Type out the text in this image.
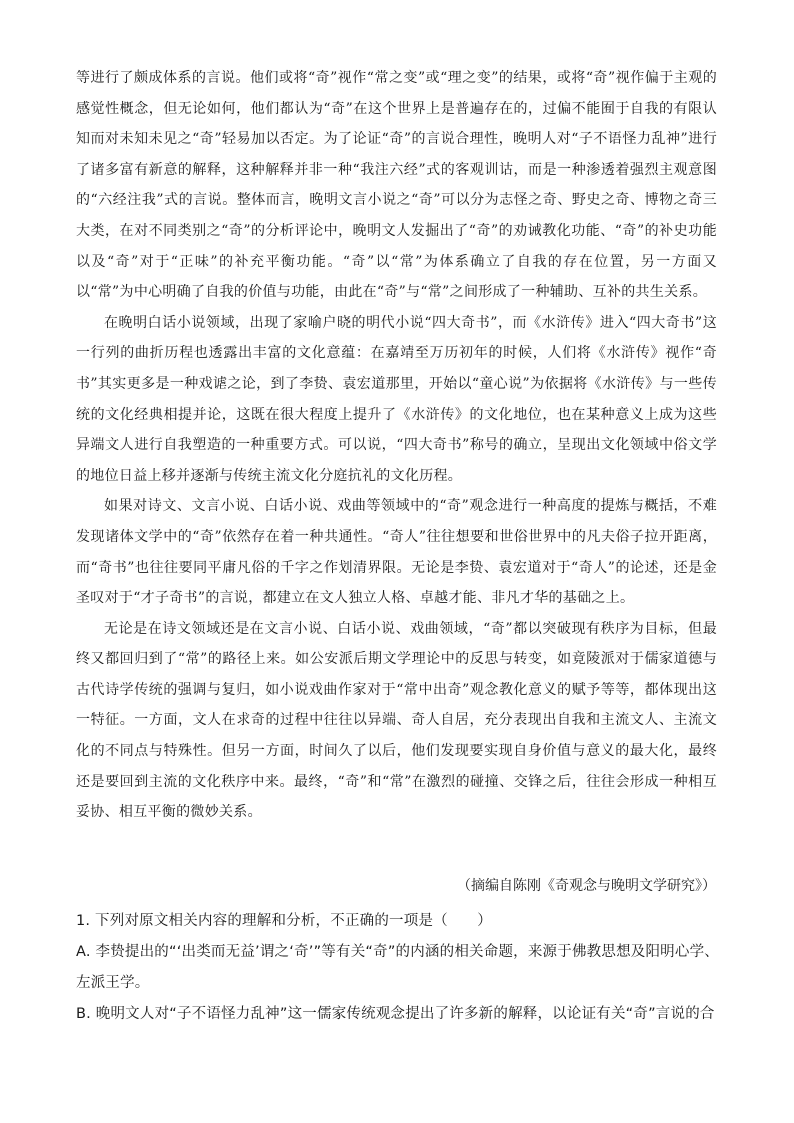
等进行了颇成体系的言说。他们或将“奇”视作“常之变”或“理之变”的结果，或将“奇”视作偏于主观的感觉性概念，但无论如何，他们都认为“奇”在这个世界上是普遍存在的，过偏不能囿于自我的有限认知而对未知未见之“奇”轻易加以否定。为了论证“奇”的言说合理性，晚明人对“子不语怪力乱神”进行了诸多富有新意的解释，这种解释并非一种“我注六经”式的客观训诂，而是一种渗透着强烈主观意图的“六经注我”式的言说。整体而言，晚明文言小说之“奇”可以分为志怪之奇、野史之奇、博物之奇三大类，在对不同类别之“奇”的分析评论中，晚明文人发掘出了“奇”的劝诫教化功能、“奇”的补史功能以及“奇”对于“正味”的补充平衡功能。“奇”以“常”为体系确立了自我的存在位置，另一方面又以“常”为中心明确了自我的价值与功能，由此在“奇”与“常”之间形成了一种辅助、互补的共生关系。

在晚明白话小说领域，出现了家喻户晓的明代小说“四大奇书”，而《水浒传》进入“四大奇书”这一行列的曲折历程也透露出丰富的文化意蕴：在嘉靖至万历初年的时候，人们将《水浒传》视作“奇书”其实更多是一种戏谑之论，到了李贽、袁宏道那里，开始以“童心说”为依据将《水浒传》与一些传统的文化经典相提并论，这既在很大程度上提升了《水浒传》的文化地位，也在某种意义上成为这些异端文人进行自我塑造的一种重要方式。可以说，“四大奇书”称号的确立，呈现出文化领域中俗文学的地位日益上移并逐渐与传统主流文化分庭抗礼的文化历程。

如果对诗文、文言小说、白话小说、戏曲等领域中的“奇”观念进行一种高度的提炼与概括，不难发现诸体文学中的“奇”依然存在着一种共通性。“奇人”往往想要和世俗世界中的凡夫俗子拉开距离，而“奇书”也往往要同平庸凡俗的千字之作划清界限。无论是李贽、袁宏道对于“奇人”的论述，还是金圣叹对于“才子奇书”的言说，都建立在文人独立人格、卓越才能、非凡才华的基础之上。

无论是在诗文领域还是在文言小说、白话小说、戏曲领域，“奇”都以突破现有秩序为目标，但最终又都回归到了“常”的路径上来。如公安派后期文学理论中的反思与转变，如竟陵派对于儒家道德与古代诗学传统的强调与复归，如小说戏曲作家对于“常中出奇”观念教化意义的赋予等等，都体现出这一特征。一方面，文人在求奇的过程中往往以异端、奇人自居，充分表现出自我和主流文人、主流文化的不同点与特殊性。但另一方面，时间久了以后，他们发现要实现自身价值与意义的最大化，最终还是要回到主流的文化秩序中来。最终，“奇”和“常”在激烈的碰撞、交锋之后，往往会形成一种相互妥协、相互平衡的微妙关系。

（摘编自陈刚《奇观念与晚明文学研究》）

1. 下列对原文相关内容的理解和分析，不正确的一项是（　　）

A. 李贽提出的“‘出类而无益’谓之‘奇’”等有关“奇”的内涵的相关命题，来源于佛教思想及阳明心学、左派王学。

B. 晚明文人对“子不语怪力乱神”这一儒家传统观念提出了许多新的解释，以论证有关“奇”言说的合
